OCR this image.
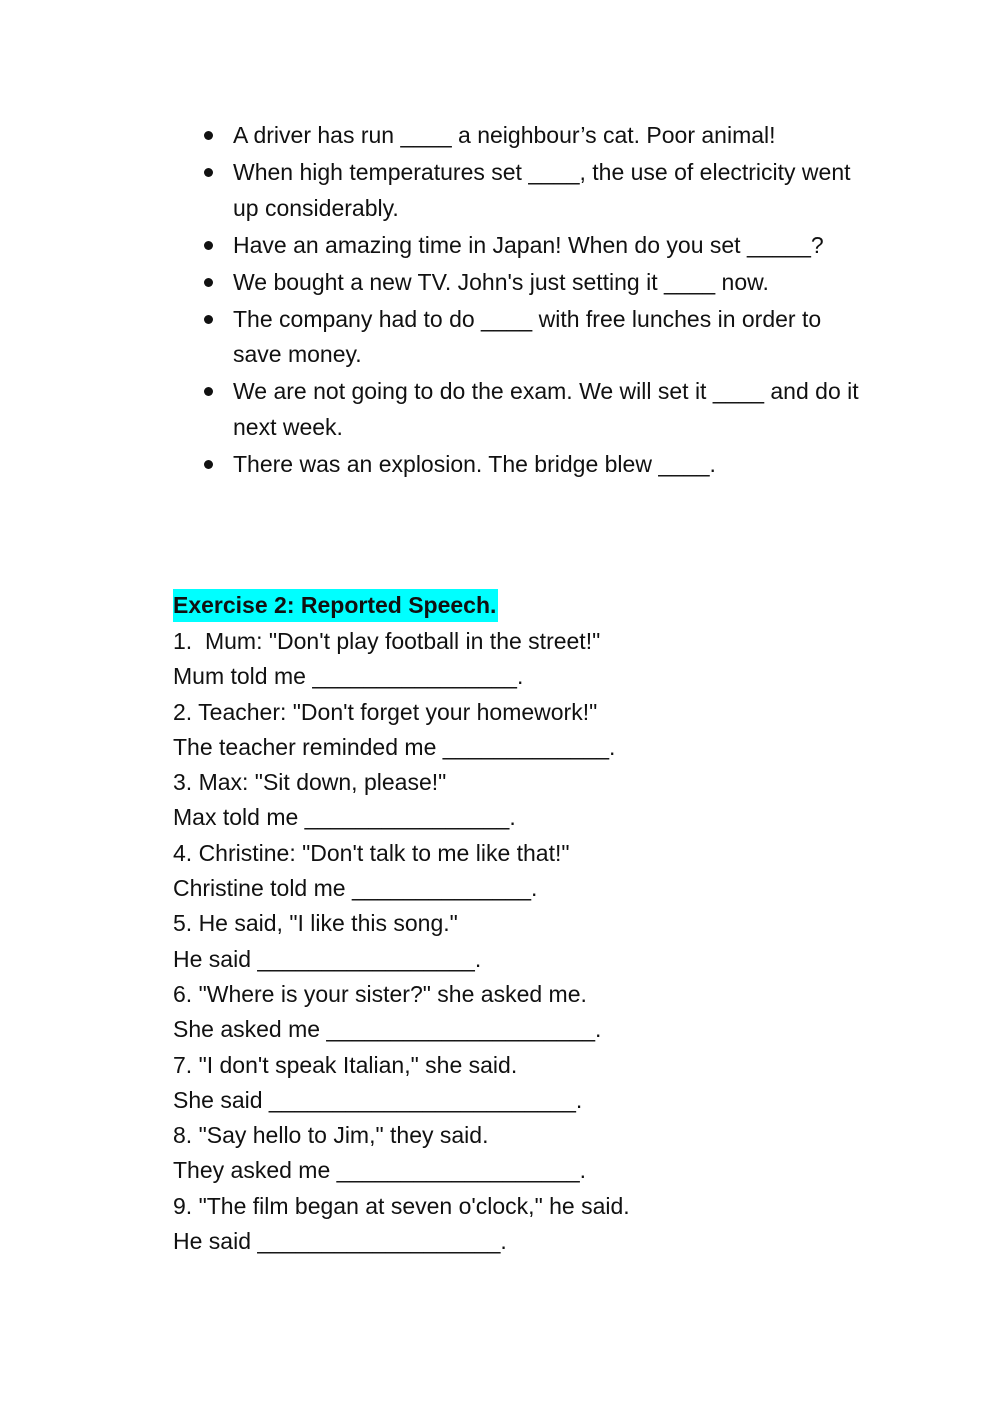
A driver has run ____ a neighbour’s cat. Poor animal!
When high temperatures set ____, the use of electricity went up considerably.
Have an amazing time in Japan! When do you set _____?
We bought a new TV. John's just setting it ____ now.
The company had to do ____ with free lunches in order to save money.
We are not going to do the exam. We will set it ____ and do it next week.
There was an explosion. The bridge blew ____.
Exercise 2: Reported Speech.
1.  Mum: "Don't play football in the street!"
Mum told me ________________.
2. Teacher: "Don't forget your homework!"
The teacher reminded me _____________.
3. Max: "Sit down, please!"
Max told me ________________.
4. Christine: "Don't talk to me like that!"
Christine told me ______________.
5. He said, "I like this song."
He said _________________.
6. "Where is your sister?" she asked me.
She asked me _____________________.
7. "I don't speak Italian," she said.
She said ________________________.
8. "Say hello to Jim," they said.
They asked me ___________________.
9. "The film began at seven o'clock," he said.
He said ___________________.
